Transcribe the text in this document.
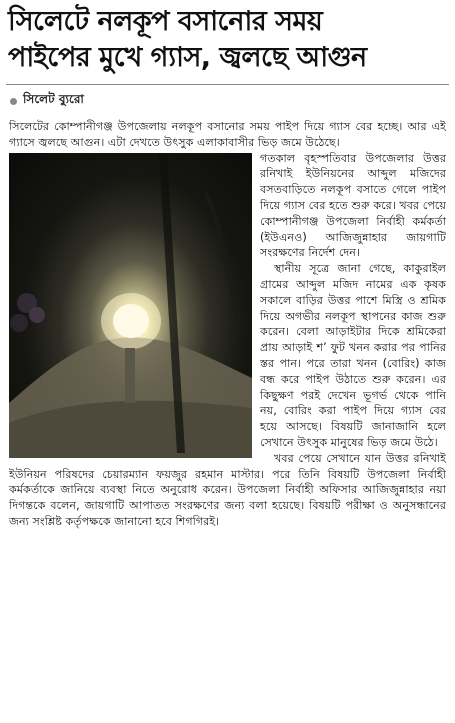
সিলেটে নলকূপ বসানোর সময়
পাইপের মুখে গ্যাস, জ্বলছে আগুন
সিলেট ব্যুরো

সিলেটের কোম্পানীগঞ্জ উপজেলায় নলকূপ বসানোর সময় পাইপ দিয়ে গ্যাস বের হচ্ছে। আর এই গ্যাসে জ্বলছে আগুন। এটা দেখতে উৎসুক এলাকাবাসীর ভিড় জমে উঠেছে।

গতকাল বৃহস্পতিবার উপজেলার উত্তর রনিখাই ইউনিয়নের আব্দুল মজিদের বসতবাড়িতে নলকূপ বসাতে গেলে পাইপ দিয়ে গ্যাস বের হতে শুরু করে। খবর পেয়ে কোম্পানীগঞ্জ উপজেলা নির্বাহী কর্মকর্তা (ইউএনও) আজিজুন্নাহার জায়গাটি সংরক্ষণের নির্দেশ দেন।

স্থানীয় সূত্রে জানা গেছে, কাকুরাইল গ্রামের আব্দুল মজিদ নামের এক কৃষক সকালে বাড়ির উত্তর পাশে মিস্ত্রি ও শ্রমিক দিয়ে অগভীর নলকূপ স্থাপনের কাজ শুরু করেন। বেলা আড়াইটার দিকে শ্রমিকেরা প্রায় আড়াই শ’ ফুট খনন করার পর পানির স্তর পান। পরে তারা খনন (বোরিং) কাজ বন্ধ করে পাইপ উঠাতে শুরু করেন। এর কিছুক্ষণ পরই দেখেন ভূগর্ভ থেকে পানি নয়, বোরিং করা পাইপ দিয়ে গ্যাস বের হয়ে আসছে। বিষয়টি জানাজানি হলে সেখানে উৎসুক মানুষের ভিড় জমে উঠে।

খবর পেয়ে সেখানে যান উত্তর রনিখাই ইউনিয়ন পরিষদের চেয়ারম্যান ফয়জুর রহমান মাস্টার। পরে তিনি বিষয়টি উপজেলা নির্বাহী কর্মকর্তাকে জানিয়ে ব্যবস্থা নিতে অনুরোধ করেন। উপজেলা নির্বাহী অফিসার আজিজুন্নাহার নয়া দিগন্তকে বলেন, জায়গাটি আপাতত সংরক্ষণের জন্য বলা হয়েছে। বিষয়টি পরীক্ষা ও অনুসন্ধানের জন্য সংশ্লিষ্ট কর্তৃপক্ষকে জানানো হবে শিগগিরই।
